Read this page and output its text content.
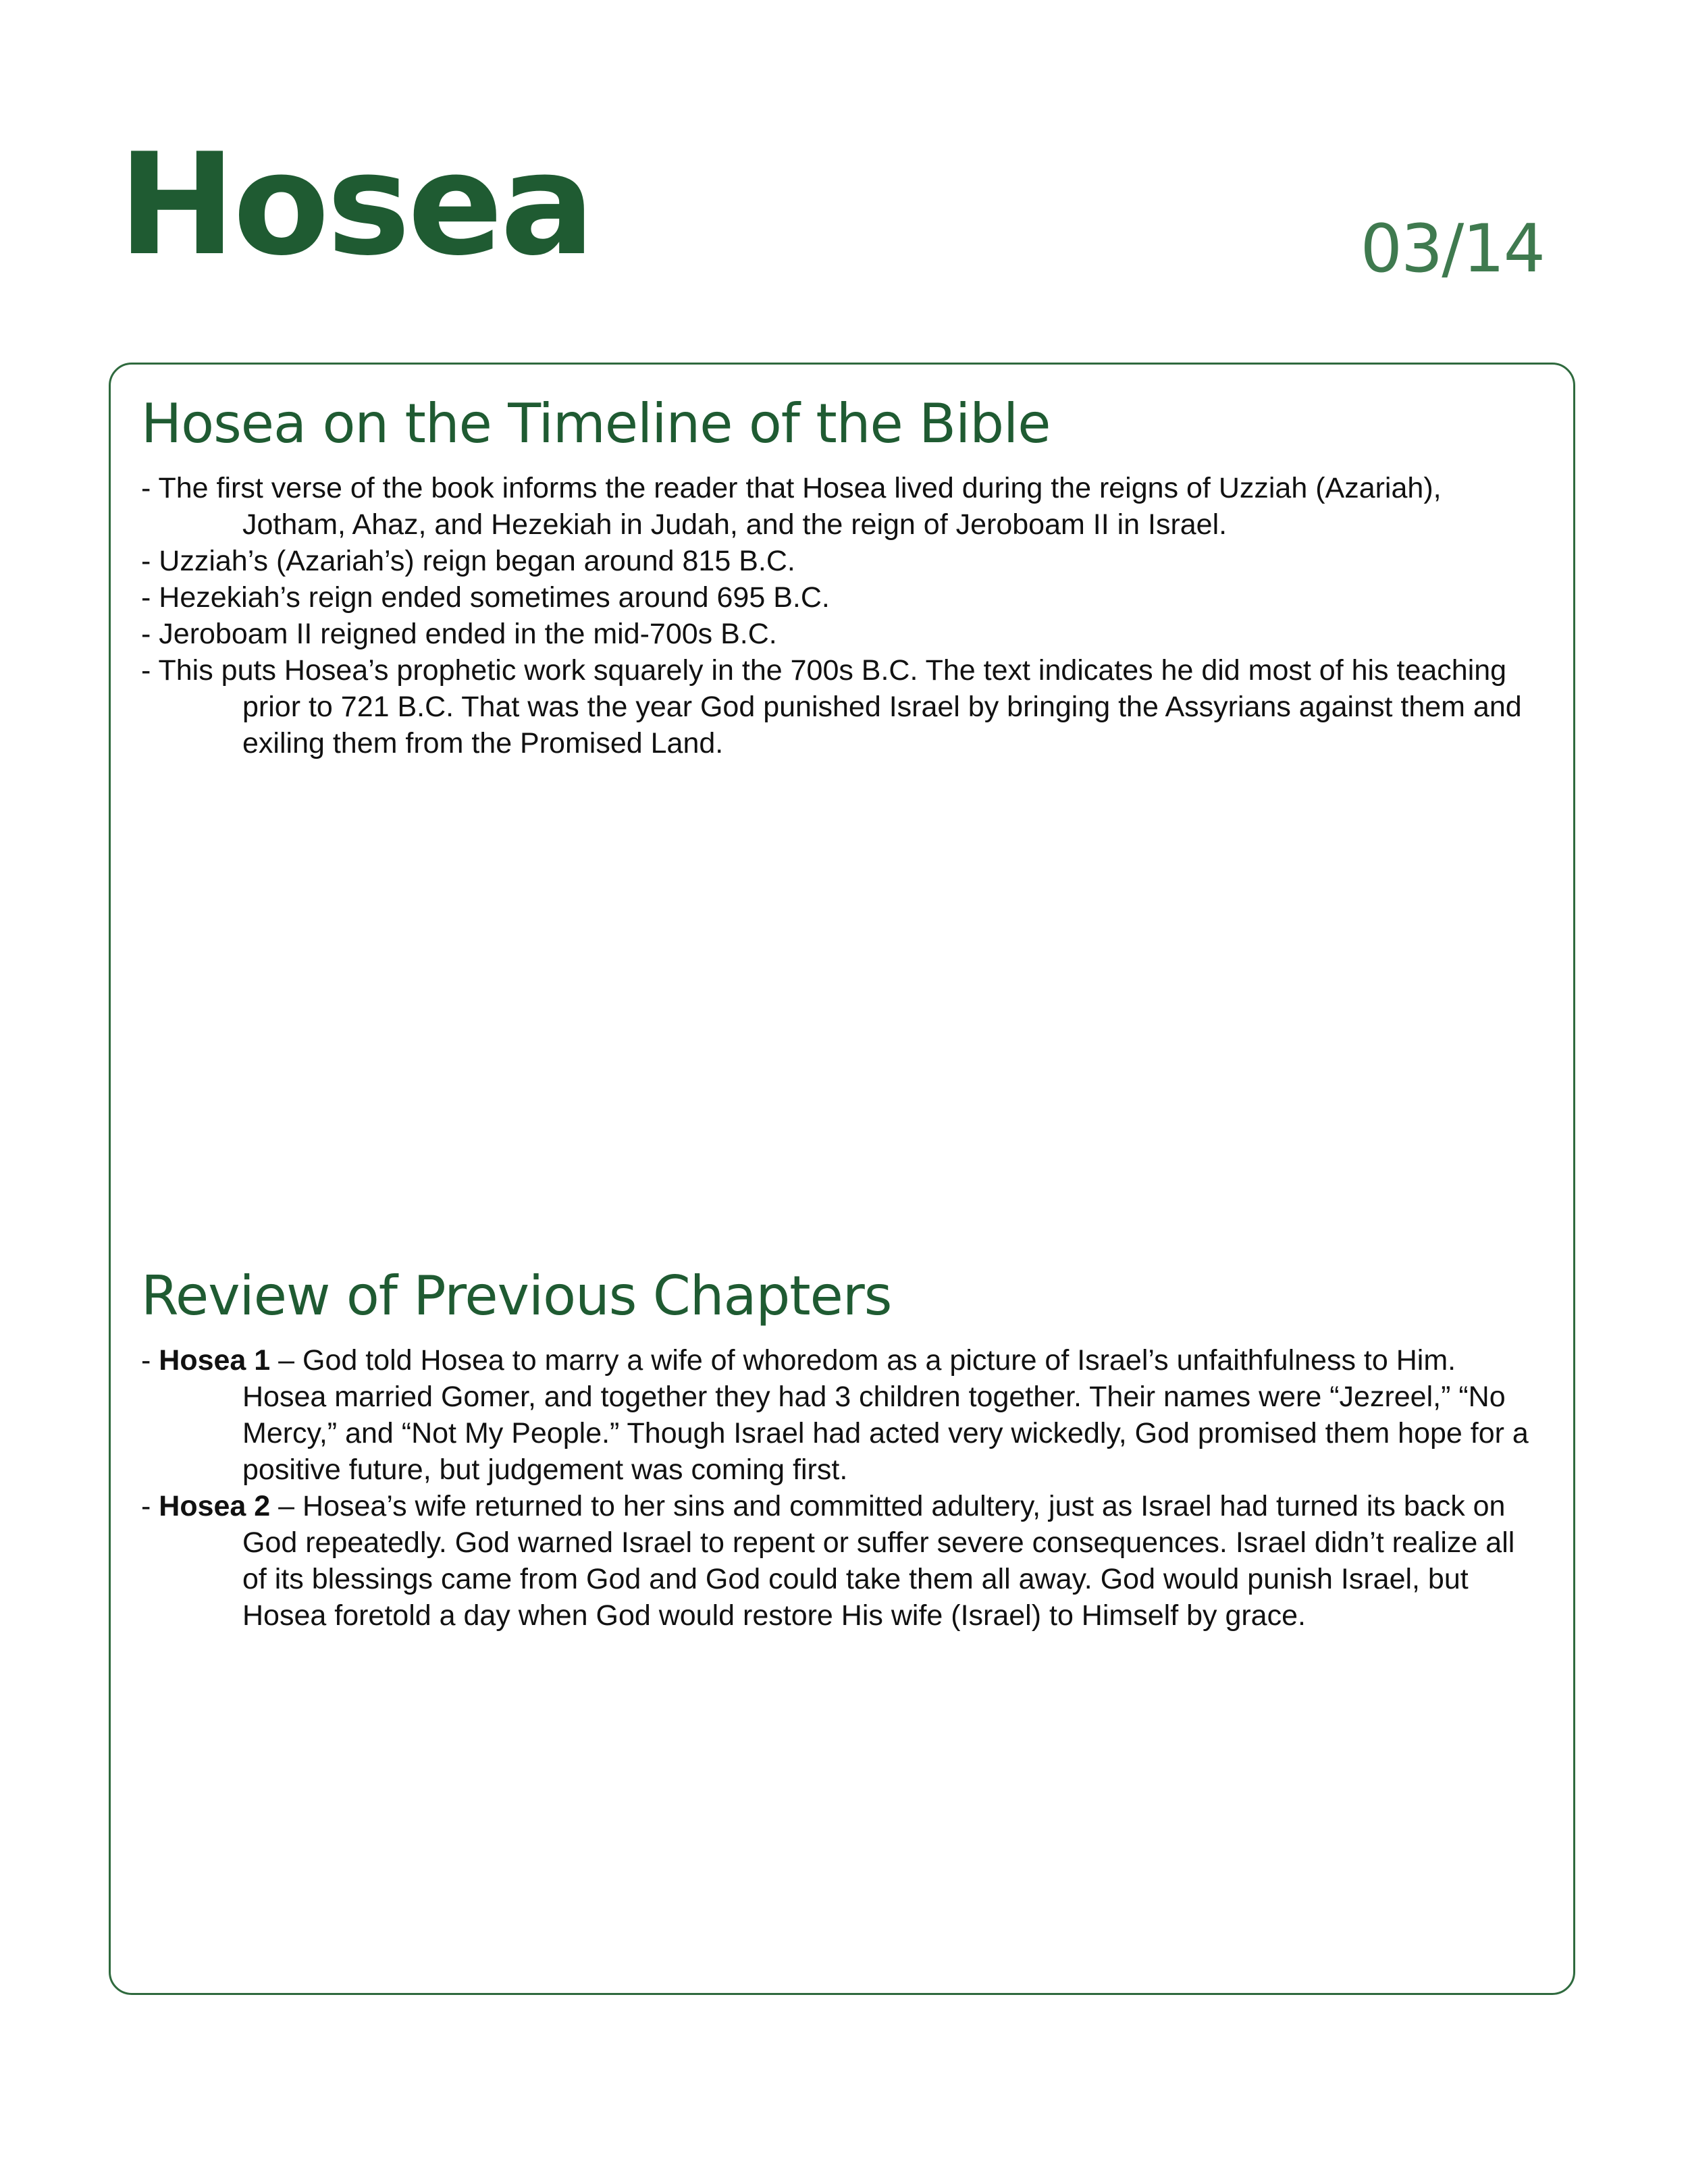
Hosea	03/14
Hosea on the Timeline of the Bible
- The first verse of the book informs the reader that Hosea lived during the reigns of Uzziah (Azariah), Jotham, Ahaz, and Hezekiah in Judah, and the reign of Jeroboam II in Israel.
- Uzziah’s (Azariah’s) reign began around 815 B.C.
- Hezekiah’s reign ended sometimes around 695 B.C.
- Jeroboam II reigned ended in the mid-700s B.C.
- This puts Hosea’s prophetic work squarely in the 700s B.C. The text indicates he did most of his teaching prior to 721 B.C. That was the year God punished Israel by bringing the Assyrians against them and exiling them from the Promised Land.
Review of Previous Chapters
- Hosea 1 – God told Hosea to marry a wife of whoredom as a picture of Israel’s unfaithfulness to Him. Hosea married Gomer, and together they had 3 children together. Their names were “Jezreel,” “No Mercy,” and “Not My People.” Though Israel had acted very wickedly, God promised them hope for a positive future, but judgement was coming first.
- Hosea 2 – Hosea’s wife returned to her sins and committed adultery, just as Israel had turned its back on God repeatedly. God warned Israel to repent or suffer severe consequences. Israel didn’t realize all of its blessings came from God and God could take them all away. God would punish Israel, but Hosea foretold a day when God would restore His wife (Israel) to Himself by grace.
